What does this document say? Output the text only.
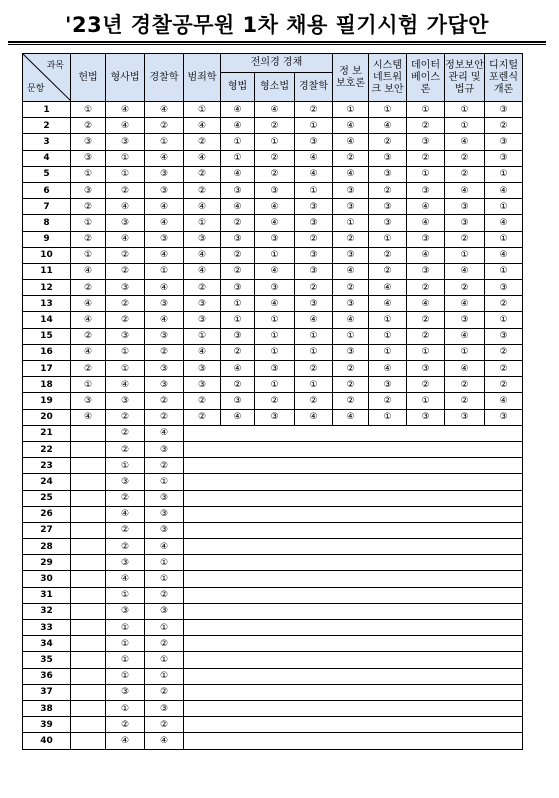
'23년 경찰공무원 1차 채용 필기시험 가답안
과목
문항	헌법	형사법	경찰학	범죄학	전의경 경채			정 보 보호론	시스템 네트워크 보안	데이터 베이스론	정보보안 관리 및 법규	디지털 포렌식 개론
					형법	형소법	경찰학					
1	①	④	④	①	④	④	②	①	①	①	①	③
2	②	④	②	④	④	②	①	④	④	②	①	②
3	③	③	①	②	①	①	③	④	②	③	④	③
4	③	①	④	④	①	②	④	②	③	②	②	③
5	①	①	③	②	④	②	④	④	③	①	②	①
6	③	②	③	②	③	③	①	③	②	③	④	④
7	②	④	④	④	④	④	③	③	③	④	③	①
8	①	③	④	①	②	④	③	①	③	④	③	④
9	②	④	③	③	③	③	②	②	①	③	②	①
10	①	②	④	④	②	①	③	③	②	④	①	④
11	④	②	①	④	②	④	③	④	②	③	④	①
12	②	③	④	②	③	③	②	②	④	②	②	③
13	④	②	③	③	①	④	③	③	④	④	④	②
14	④	②	④	③	①	①	④	④	①	②	③	①
15	②	③	③	①	③	①	①	①	①	②	④	③
16	④	①	②	④	②	①	①	③	①	①	①	②
17	②	①	③	③	④	③	②	②	④	③	④	②
18	①	④	③	③	②	①	①	②	③	②	②	②
19	③	③	②	②	③	②	②	②	②	①	②	④
20	④	②	②	②	④	③	④	④	①	③	③	③
21		②	④									
22		②	③									
23		①	②									
24		③	①									
25		②	③									
26		④	③									
27		②	③									
28		②	④									
29		③	①									
30		④	①									
31		①	②									
32		③	③									
33		①	①									
34		①	②									
35		①	①									
36		①	①									
37		③	②									
38		①	③									
39		②	②									
40		④	④									
